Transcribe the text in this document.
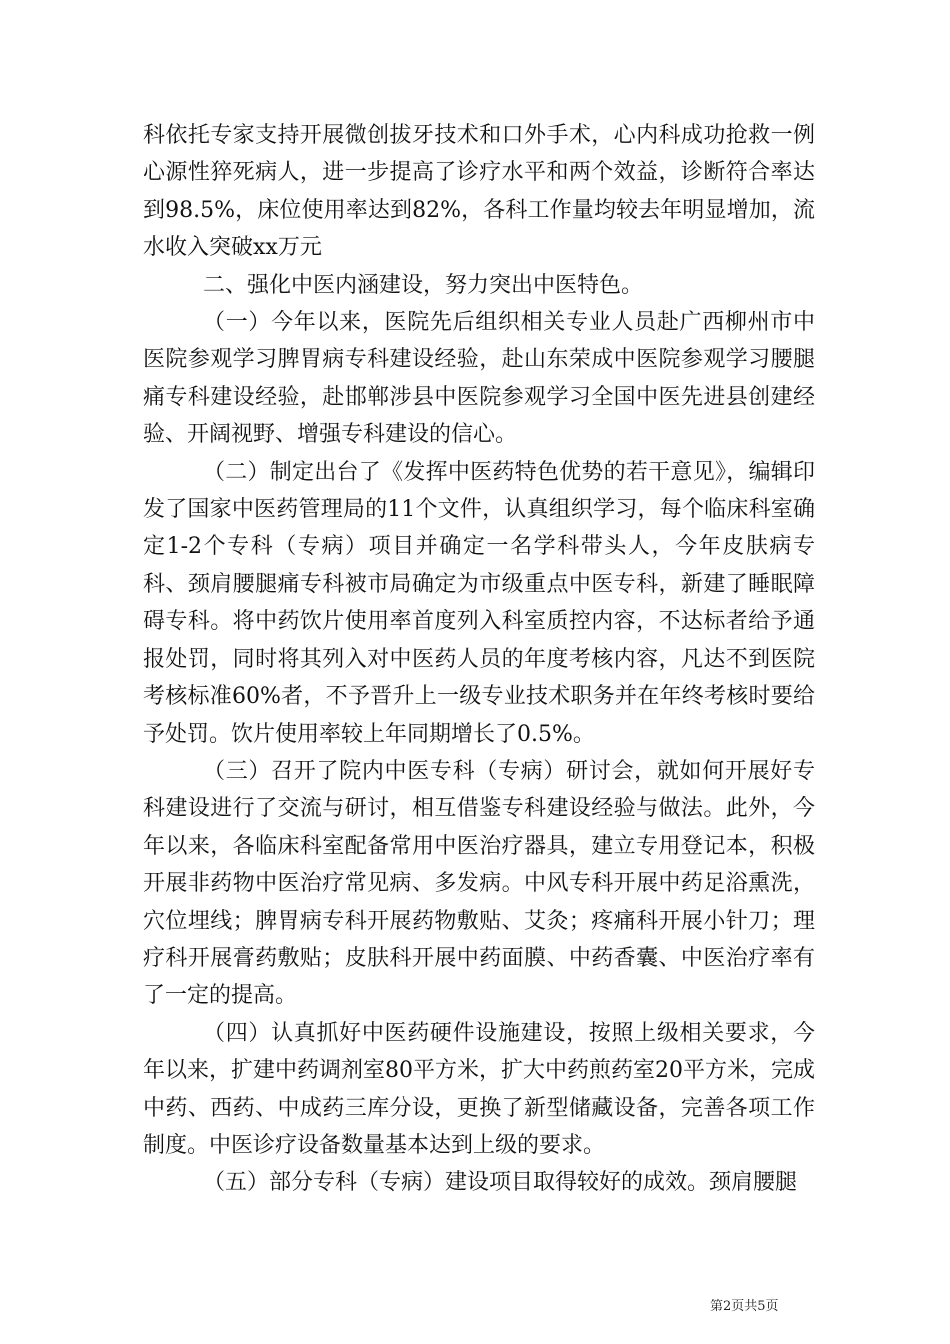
科依托专家支持开展微创拔牙技术和口外手术，心内科成功抢救一例心源性猝死病人，进一步提高了诊疗水平和两个效益，诊断符合率达到98.5%，床位使用率达到82%，各科工作量均较去年明显增加，流水收入突破xx万元

二、强化中医内涵建设，努力突出中医特色。

（一）今年以来，医院先后组织相关专业人员赴广西柳州市中医院参观学习脾胃病专科建设经验，赴山东荣成中医院参观学习腰腿痛专科建设经验，赴邯郸涉县中医院参观学习全国中医先进县创建经验、开阔视野、增强专科建设的信心。

（二）制定出台了《发挥中医药特色优势的若干意见》，编辑印发了国家中医药管理局的11个文件，认真组织学习，每个临床科室确定1-2个专科（专病）项目并确定一名学科带头人，今年皮肤病专科、颈肩腰腿痛专科被市局确定为市级重点中医专科，新建了睡眠障碍专科。将中药饮片使用率首度列入科室质控内容，不达标者给予通报处罚，同时将其列入对中医药人员的年度考核内容，凡达不到医院考核标准60%者，不予晋升上一级专业技术职务并在年终考核时要给予处罚。饮片使用率较上年同期增长了0.5%。

（三）召开了院内中医专科（专病）研讨会，就如何开展好专科建设进行了交流与研讨，相互借鉴专科建设经验与做法。此外，今年以来，各临床科室配备常用中医治疗器具，建立专用登记本，积极开展非药物中医治疗常见病、多发病。中风专科开展中药足浴熏洗，穴位埋线；脾胃病专科开展药物敷贴、艾灸；疼痛科开展小针刀；理疗科开展膏药敷贴；皮肤科开展中药面膜、中药香囊、中医治疗率有了一定的提高。

（四）认真抓好中医药硬件设施建设，按照上级相关要求，今年以来，扩建中药调剂室80平方米，扩大中药煎药室20平方米，完成中药、西药、中成药三库分设，更换了新型储藏设备，完善各项工作制度。中医诊疗设备数量基本达到上级的要求。

（五）部分专科（专病）建设项目取得较好的成效。颈肩腰腿

第2页共5页
